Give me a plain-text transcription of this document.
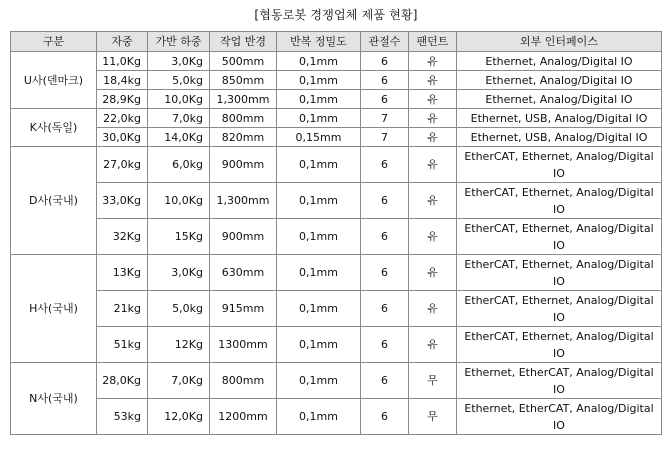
[협동로봇 경쟁업체 제품 현황]
구분	자중	가반 하중	작업 반경	반복 정밀도	관절수	팬던트	외부 인터페이스
U사(덴마크)	11,0Kg	3,0Kg	500mm	0,1mm	6	유	Ethernet, Analog/Digital IO
	18,4kg	5,0kg	850mm	0,1mm	6	유	Ethernet, Analog/Digital IO
	28,9Kg	10,0Kg	1,300mm	0,1mm	6	유	Ethernet, Analog/Digital IO
K사(독일)	22,0kg	7,0kg	800mm	0,1mm	7	유	Ethernet, USB, Analog/Digital IO
	30,0Kg	14,0Kg	820mm	0,15mm	7	유	Ethernet, USB, Analog/Digital IO
D사(국내)	27,0kg	6,0kg	900mm	0,1mm	6	유	EtherCAT, Ethernet, Analog/Digital IO
	33,0Kg	10,0Kg	1,300mm	0,1mm	6	유	EtherCAT, Ethernet, Analog/Digital IO
	32Kg	15Kg	900mm	0,1mm	6	유	EtherCAT, Ethernet, Analog/Digital IO
H사(국내)	13Kg	3,0Kg	630mm	0,1mm	6	유	EtherCAT, Ethernet, Analog/Digital IO
	21kg	5,0kg	915mm	0,1mm	6	유	EtherCAT, Ethernet, Analog/Digital IO
	51kg	12Kg	1300mm	0,1mm	6	유	EtherCAT, Ethernet, Analog/Digital IO
N사(국내)	28,0Kg	7,0Kg	800mm	0,1mm	6	무	Ethernet, EtherCAT, Analog/Digital IO
	53kg	12,0Kg	1200mm	0,1mm	6	무	Ethernet, EtherCAT, Analog/Digital IO
